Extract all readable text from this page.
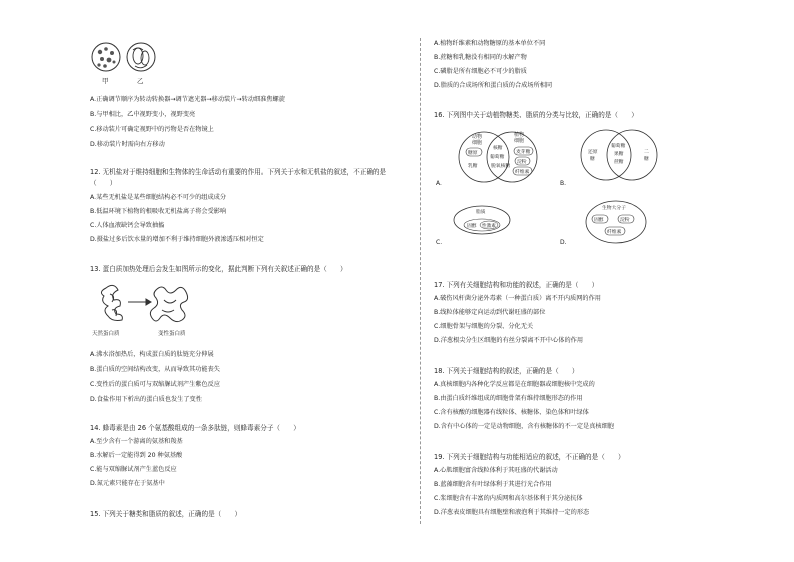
甲	乙
A.正确调节顺序为转动转换器→调节遮光器→移动装片→转动细准焦螺旋
B.与甲相比，乙中视野变小，视野变亮
C.移动装片可确定视野中的污物是否在物镜上
D.移动装片时需向右方移动
12. 无机盐对于维持细胞和生物体的生命活动有重要的作用。下列关于水和无机盐的叙述，不正确的是
（　　）
A.某些无机盐是某些细胞结构必不可少的组成成分
B.低温环境下植物的根吸收无机盐离子将会受影响
C.人体血液缺钙会导致抽搐
D.摄盐过多后饮水量的增加不利于维持细胞外液渗透压相对恒定
13. 蛋白质加热处理后会发生如图所示的变化，据此判断下列有关叙述正确的是（　　）
天然蛋白质	变性蛋白质
A.沸水浴加热后，构成蛋白质的肽链充分伸展
B.蛋白质的空间结构改变，从而导致其功能丧失
C.变性后的蛋白质可与双缩脲试剂产生紫色反应
D.食盐作用下析出的蛋白质也发生了变性
14. 蜂毒素是由 26 个氨基酸组成的一条多肽链，则蜂毒素分子（　　）
A.至少含有一个游离的氨基和羧基
B.水解后一定能得到 20 种氨基酸
C.能与双缩脲试剂产生蓝色反应
D.氮元素只能存在于氨基中
15. 下列关于糖类和脂质的叙述，正确的是（　　）
A.植物纤维素和动物糖原的基本单位不同
B.蔗糖和乳糖没有相同的水解产物
C.磷脂是所有细胞必不可少的脂质
D.脂质的合成场所和蛋白质的合成场所相同
16. 下列图中关于动植物糖类、脂质的分类与比较，正确的是（　　）
A.
动物
细胞
植物
细胞
糖原
乳糖
核糖
脱氧核糖
葡萄糖
麦芽糖
淀粉
纤维素
B.
还原
糖
葡萄糖
果糖
蔗糖
二
糖
C.
脂质
固醇 性激素
D.
生物大分子
固醇	淀粉
纤维素
17. 下列有关细胞结构和功能的叙述，正确的是（　　）
A.破伤风杆菌分泌外毒素（一种蛋白质）离不开内质网的作用
B.线粒体能够定向运动到代谢旺盛的部位
C.细胞骨架与细胞的分裂、分化无关
D.洋葱根尖分生区细胞的有丝分裂离不开中心体的作用
18. 下列关于细胞结构的叙述，正确的是（　　）
A.真核细胞内各种化学反应都是在细胞器或细胞核中完成的
B.由蛋白质纤维组成的细胞骨架有维持细胞形态的作用
C.含有核酸的细胞器有线粒体、核糖体、染色体和叶绿体
D.含有中心体的一定是动物细胞，含有核糖体的不一定是真核细胞
19. 下列关于细胞结构与功能相适应的叙述，不正确的是（　　）
A.心肌细胞富含线粒体利于其旺盛的代谢活动
B.蓝藻细胞含有叶绿体利于其进行光合作用
C.浆细胞含有丰富的内质网和高尔基体利于其分泌抗体
D.洋葱表皮细胞具有细胞壁和液泡利于其维持一定的形态
